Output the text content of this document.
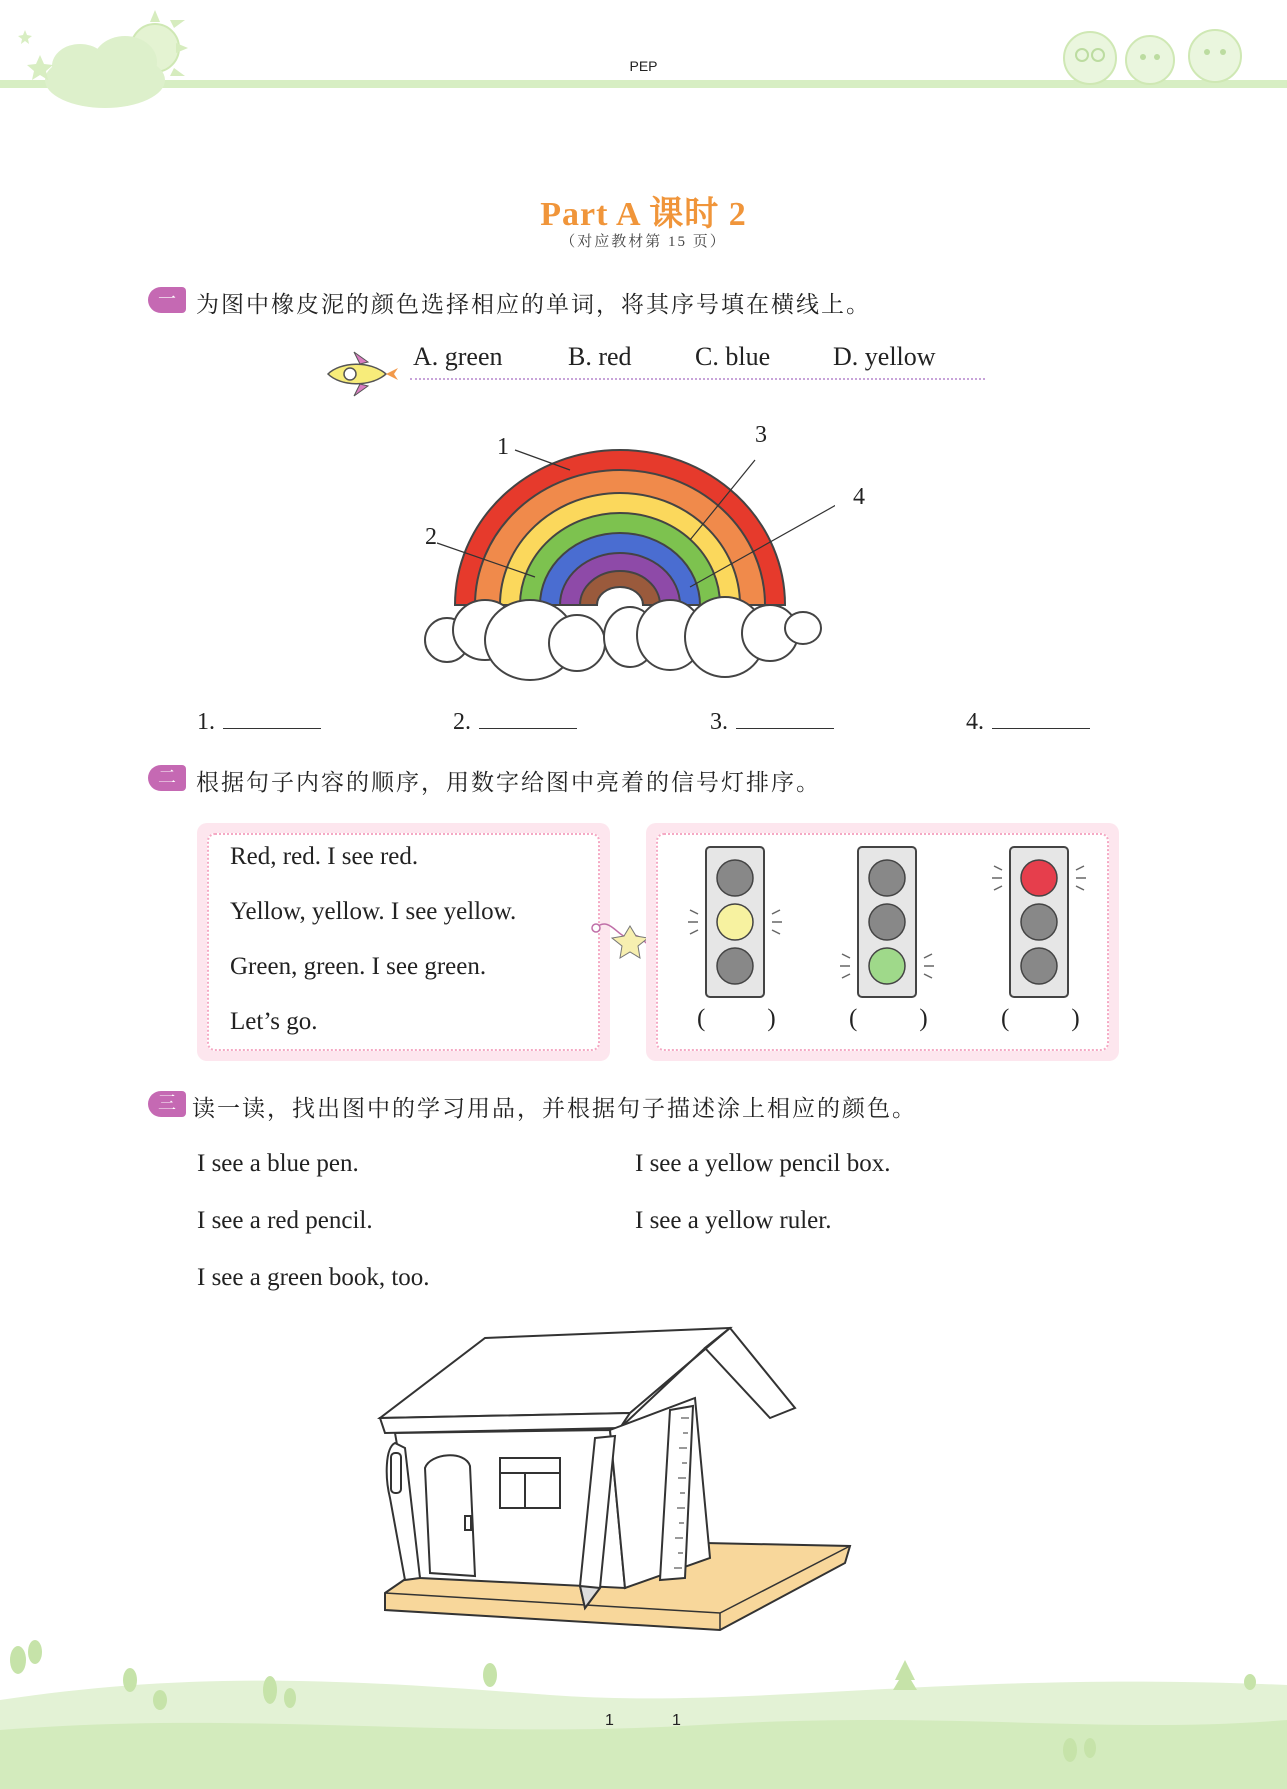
PEP
Part A 课时 2
（对应教材第 15 页）
一 为图中橡皮泥的颜色选择相应的单词，将其序号填在横线上。
A. green	B. red C. blue D. yellow
1
2
3
4
1.	2.	3.	4.
二 根据句子内容的顺序，用数字给图中亮着的信号灯排序。
Red, red. I see red.
Yellow, yellow. I see yellow.
Green, green. I see green.
Let’s go.	( )	( )	( )
三 读一读，找出图中的学习用品，并根据句子描述涂上相应的颜色。
I see a blue pen.	I see a yellow pencil box.
I see a red pencil.	I see a yellow ruler.
I see a green book, too.
1	1
